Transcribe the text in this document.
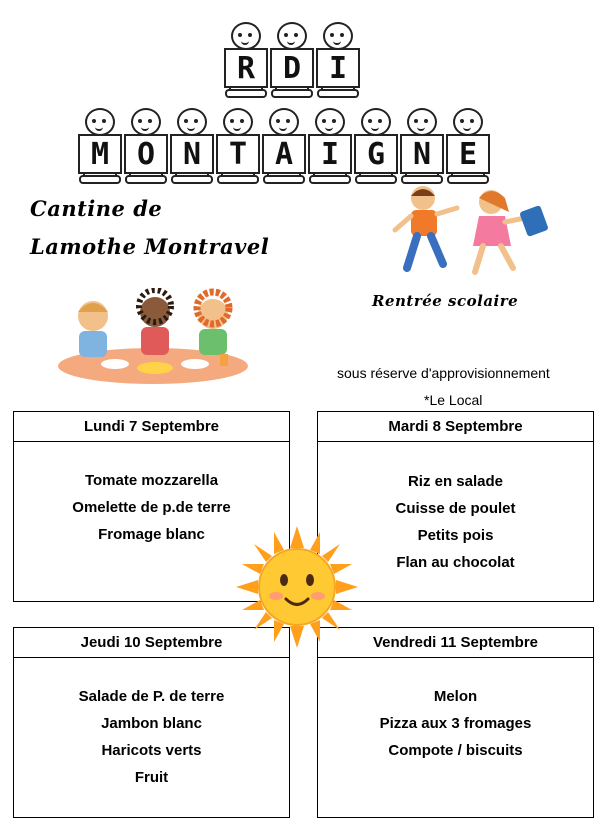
R D I
M O N T A I G N E
Cantine de
Lamothe Montravel
Rentrée scolaire
sous réserve d'approvisionnement
*Le Local
Lundi 7 Septembre
Tomate mozzarella
Omelette de p.de terre
Fromage blanc
Mardi 8 Septembre
Riz en salade
Cuisse de poulet
Petits pois
Flan au chocolat
Jeudi 10 Septembre
Salade de P. de terre
Jambon blanc
Haricots verts
Fruit
Vendredi 11 Septembre
Melon
Pizza aux 3 fromages
Compote / biscuits
